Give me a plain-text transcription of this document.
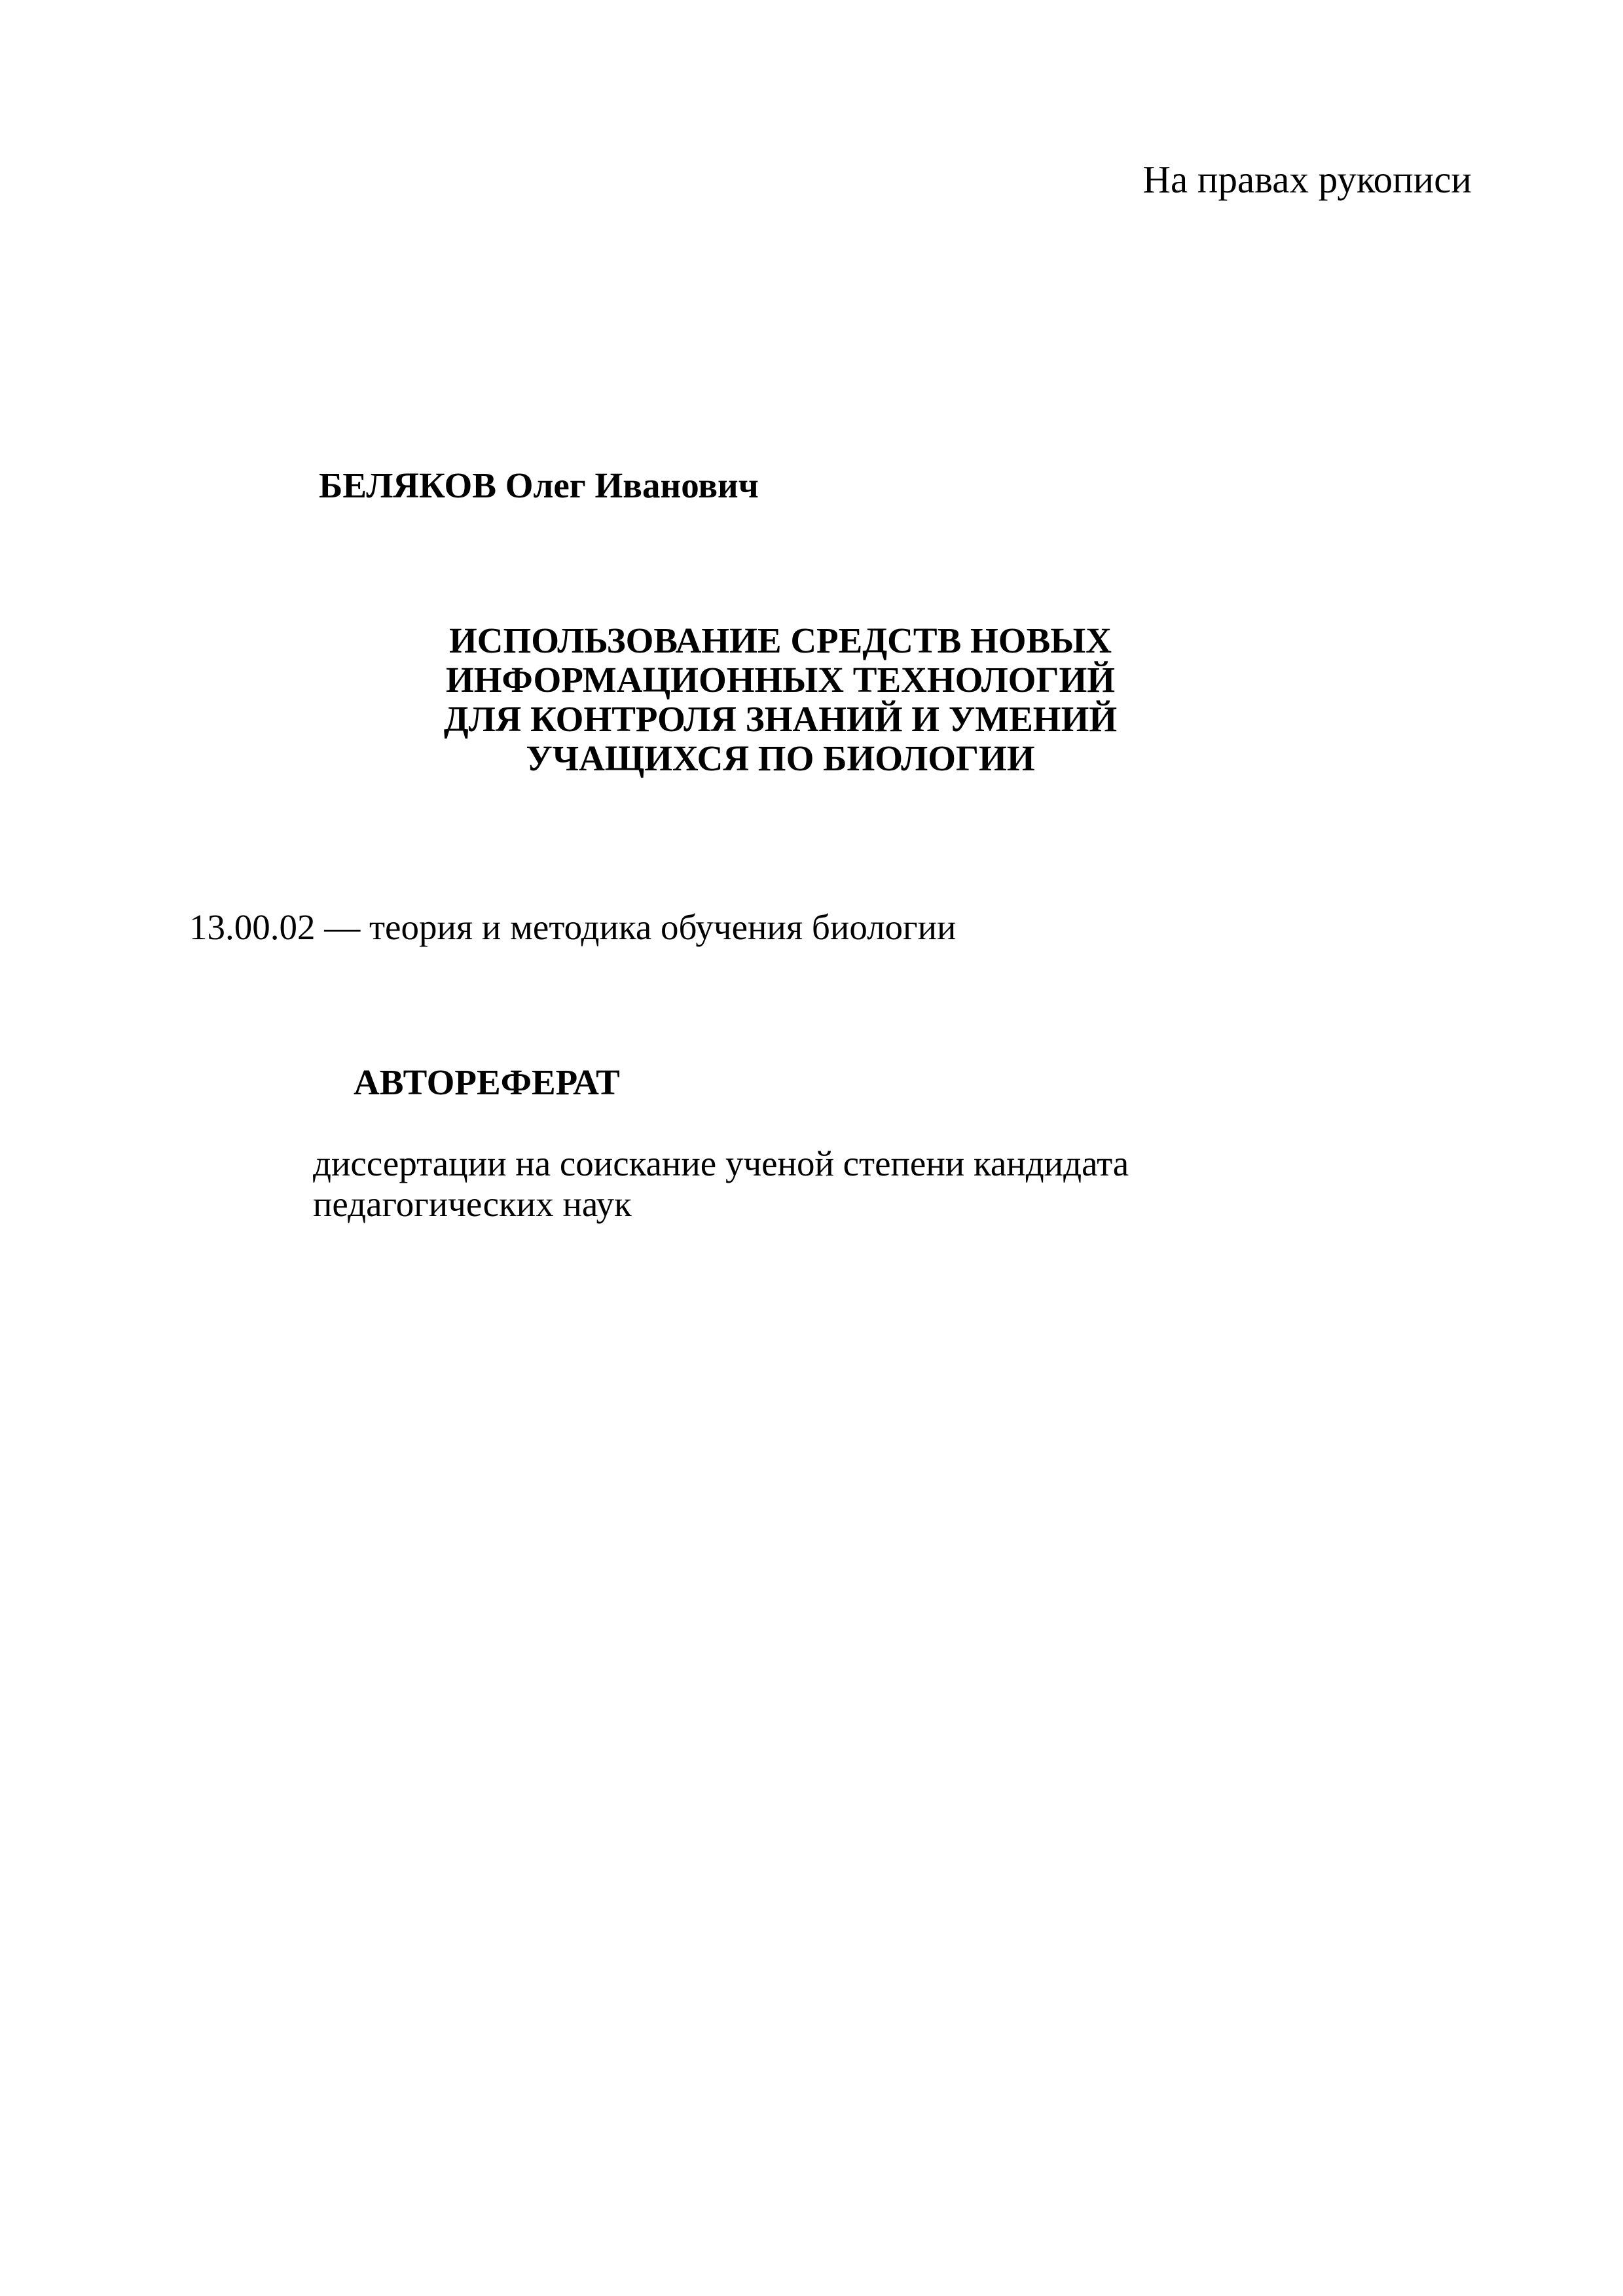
На правах рукописи
БЕЛЯКОВ Олег Иванович
ИСПОЛЬЗОВАНИЕ СРЕДСТВ НОВЫХ
ИНФОРМАЦИОННЫХ ТЕХНОЛОГИЙ
ДЛЯ КОНТРОЛЯ ЗНАНИЙ И УМЕНИЙ
УЧАЩИХСЯ ПО БИОЛОГИИ
13.00.02 — теория и методика обучения биологии
АВТОРЕФЕРАТ
диссертации на соискание ученой степени кандидата
педагогических наук
